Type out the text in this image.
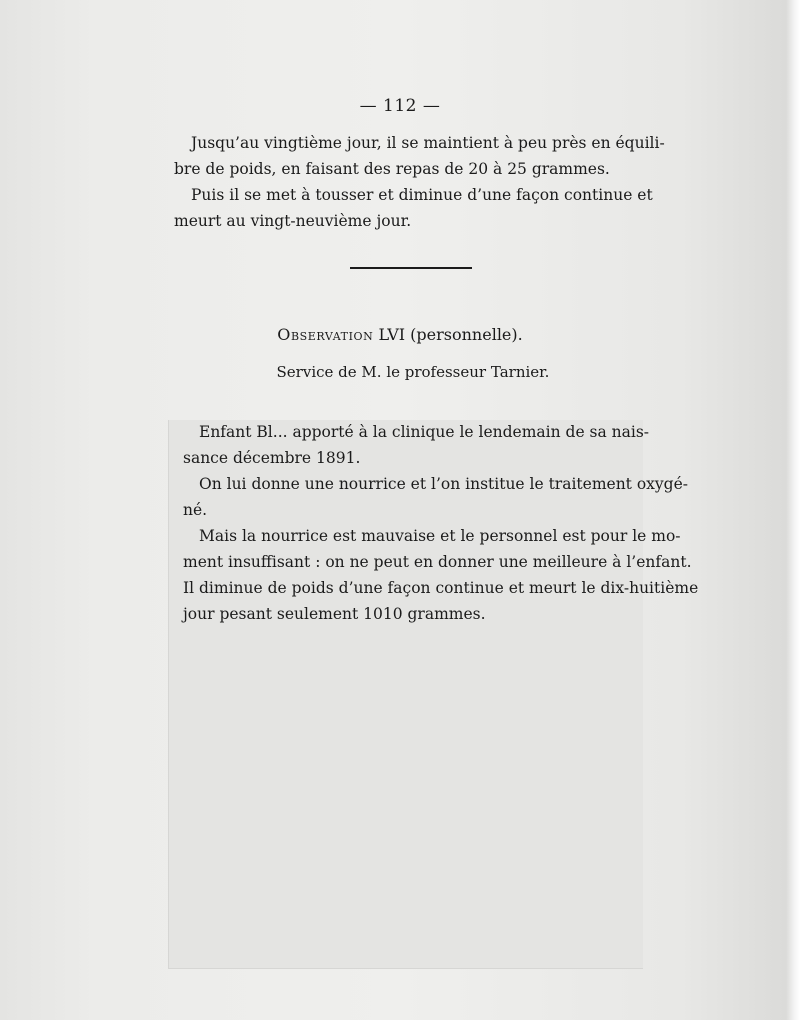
— 112 —
Jusqu’au vingtième jour, il se maintient à peu près en équili-
bre de poids, en faisant des repas de 20 à 25 grammes.
Puis il se met à tousser et diminue d’une façon continue et
meurt au vingt-neuvième jour.
Observation LVI (personnelle).
Service de M. le professeur Tarnier.
Enfant Bl... apporté à la clinique le lendemain de sa nais-
sance décembre 1891.
On lui donne une nourrice et l’on institue le traitement oxygé-
né.
Mais la nourrice est mauvaise et le personnel est pour le mo-
ment insuffisant : on ne peut en donner une meilleure à l’enfant.
Il diminue de poids d’une façon continue et meurt le dix-huitième
jour pesant seulement 1010 grammes.
